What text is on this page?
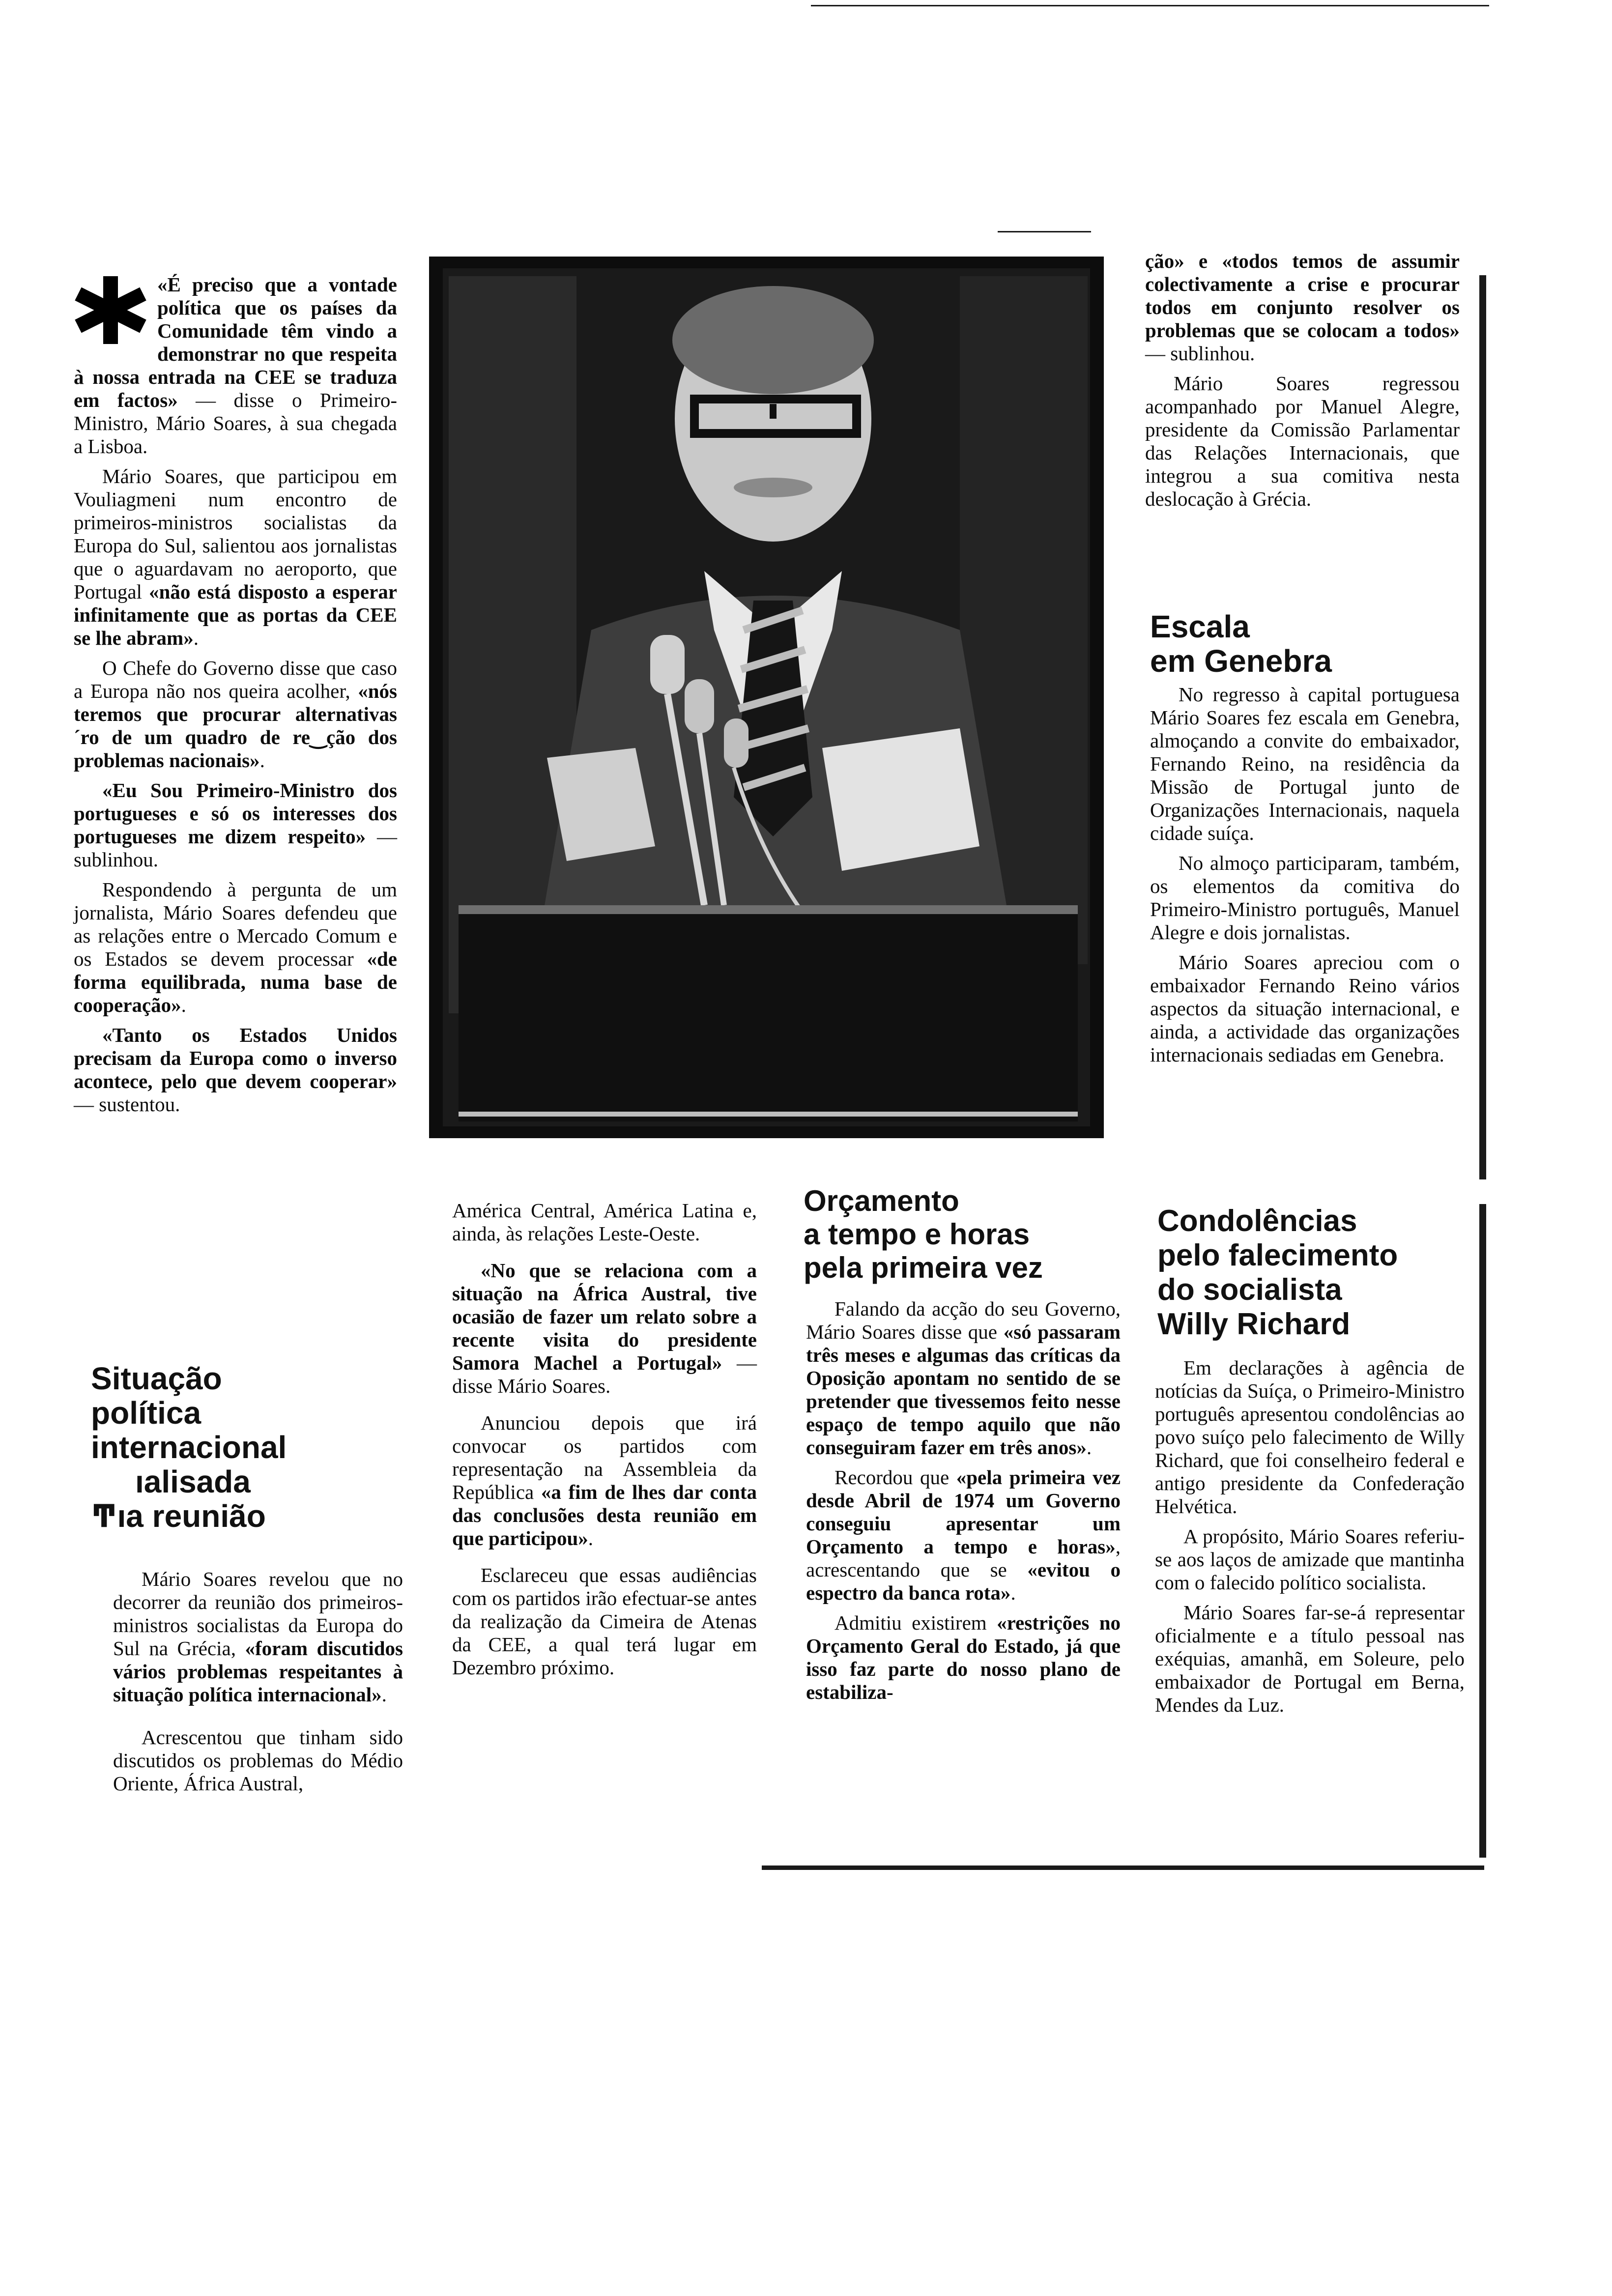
«É preciso que a vontade política que os países da Comunidade têm vindo a demonstrar no que respeita à nossa entrada na CEE se traduza em factos» — disse o Primeiro-Ministro, Mário Soares, à sua chegada a Lisboa.

Mário Soares, que participou em Vouliagmeni num encontro de primeiros-ministros socialistas da Europa do Sul, salientou aos jornalistas que o aguardavam no aeroporto, que Portugal «não está disposto a esperar infinitamente que as portas da CEE se lhe abram».

O Chefe do Governo disse que caso a Europa não nos queira acolher, «nós teremos que procurar alternativas ´ro de um quadro de re‿ção dos problemas nacionais».

«Eu Sou Primeiro-Ministro dos portugueses e só os interesses dos portugueses me dizem respeito» — sublinhou.

Respondendo à pergunta de um jornalista, Mário Soares defendeu que as relações entre o Mercado Comum e os Estados se devem processar «de forma equilibrada, numa base de cooperação».

«Tanto os Estados Unidos precisam da Europa como o inverso acontece, pelo que devem cooperar» — sustentou.

Situação
política
internacional
ıalisada
ͳıa reunião

Mário Soares revelou que no decorrer da reunião dos primeiros-ministros socialistas da Europa do Sul na Grécia, «foram discutidos vários problemas respeitantes à situação política internacional».

Acrescentou que tinham sido discutidos os problemas do Médio Oriente, África Austral,

América Central, América Latina e, ainda, às relações Leste-Oeste.

«No que se relaciona com a situação na África Austral, tive ocasião de fazer um relato sobre a recente visita do presidente Samora Machel a Portugal» — disse Mário Soares.

Anunciou depois que irá convocar os partidos com representação na Assembleia da República «a fim de lhes dar conta das conclusões desta reunião em que participou».

Esclareceu que essas audiências com os partidos irão efectuar-se antes da realização da Cimeira de Atenas da CEE, a qual terá lugar em Dezembro próximo.

Orçamento
a tempo e horas
pela primeira vez

Falando da acção do seu Governo, Mário Soares disse que «só passaram três meses e algumas das críticas da Oposição apontam no sentido de se pretender que tivessemos feito nesse espaço de tempo aquilo que não conseguiram fazer em três anos».

Recordou que «pela primeira vez desde Abril de 1974 um Governo conseguiu apresentar um Orçamento a tempo e horas», acrescentando que se «evitou o espectro da banca rota».

Admitiu existirem «restrições no Orçamento Geral do Estado, já que isso faz parte do nosso plano de estabiliza-

ção» e «todos temos de assumir colectivamente a crise e procurar todos em conjunto resolver os problemas que se colocam a todos» — sublinhou.

Mário Soares regressou acompanhado por Manuel Alegre, presidente da Comissão Parlamentar das Relações Internacionais, que integrou a sua comitiva nesta deslocação à Grécia.

Escala
em Genebra

No regresso à capital portuguesa Mário Soares fez escala em Genebra, almoçando a convite do embaixador, Fernando Reino, na residência da Missão de Portugal junto de Organizações Internacionais, naquela cidade suíça.

No almoço participaram, também, os elementos da comitiva do Primeiro-Ministro português, Manuel Alegre e dois jornalistas.

Mário Soares apreciou com o embaixador Fernando Reino vários aspectos da situação internacional, e ainda, a actividade das organizações internacionais sediadas em Genebra.

Condolências
pelo falecimento
do socialista
Willy Richard

Em declarações à agência de notícias da Suíça, o Primeiro-Ministro português apresentou condolências ao povo suíço pelo falecimento de Willy Richard, que foi conselheiro federal e antigo presidente da Confederação Helvética.

A propósito, Mário Soares referiu-se aos laços de amizade que mantinha com o falecido político socialista.

Mário Soares far-se-á representar oficialmente e a título pessoal nas exéquias, amanhã, em Soleure, pelo embaixador de Portugal em Berna, Mendes da Luz.
